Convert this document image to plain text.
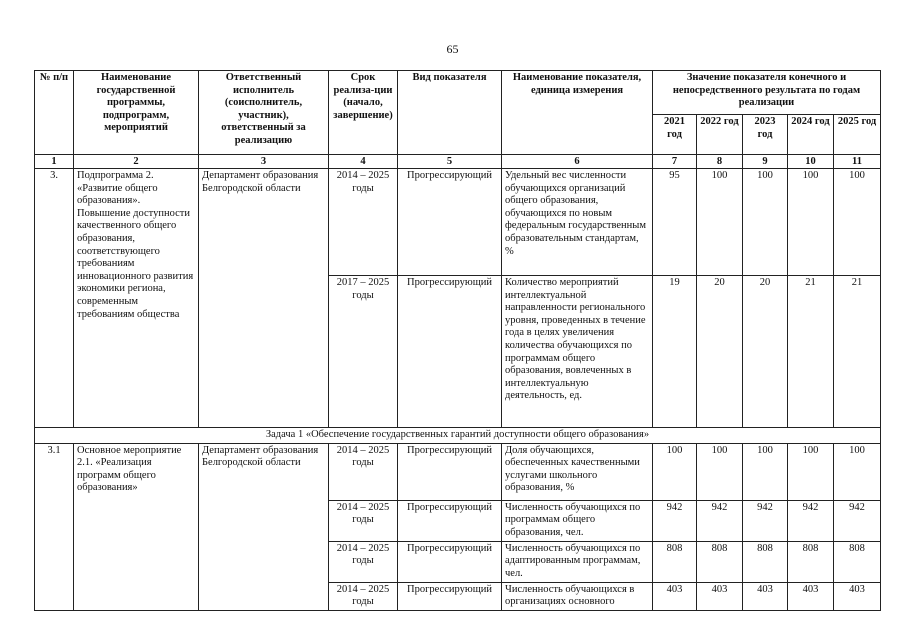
65
№ п/п	Наименование государственной программы, подпрограмм, мероприятий	Ответственный исполнитель (соисполнитель, участник), ответственный за реализацию	Срок реализа-ции (начало, завершение)	Вид показателя	Наименование показателя, единица измерения	Значение показателя конечного и непосредственного результата по годам реализации				
						2021 год	2022 год	2023 год	2024 год	2025 год
1	2	3	4	5	6	7	8	9	10	11
3.	Подпрограмма 2. «Развитие общего образования». Повышение доступности качественного общего образования, соответствующего требованиям инновационного развития экономики региона, современным требованиям общества	Департамент образования Белгородской области	2014 – 2025 годы	Прогрессирующий	Удельный вес численности обучающихся организаций общего образования, обучающихся по новым федеральным государственным образовательным стандартам, %	95	100	100	100	100
			2017 – 2025 годы	Прогрессирующий	Количество мероприятий интеллектуальной направленности регионального уровня, проведенных в течение года в целях увеличения количества обучающихся по программам общего образования, вовлеченных в интеллектуальную деятельность, ед.	19	20	20	21	21
Задача 1 «Обеспечение государственных гарантий доступности общего образования»										
3.1	Основное мероприятие 2.1. «Реализация программ общего образования»	Департамент образования Белгородской области	2014 – 2025 годы	Прогрессирующий	Доля обучающихся, обеспеченных качественными услугами школьного образования, %	100	100	100	100	100
			2014 – 2025 годы	Прогрессирующий	Численность обучающихся по программам общего образования, чел.	942	942	942	942	942
			2014 – 2025 годы	Прогрессирующий	Численность обучающихся по адаптированным программам, чел.	808	808	808	808	808
			2014 – 2025 годы	Прогрессирующий	Численность обучающихся в организациях основного	403	403	403	403	403
